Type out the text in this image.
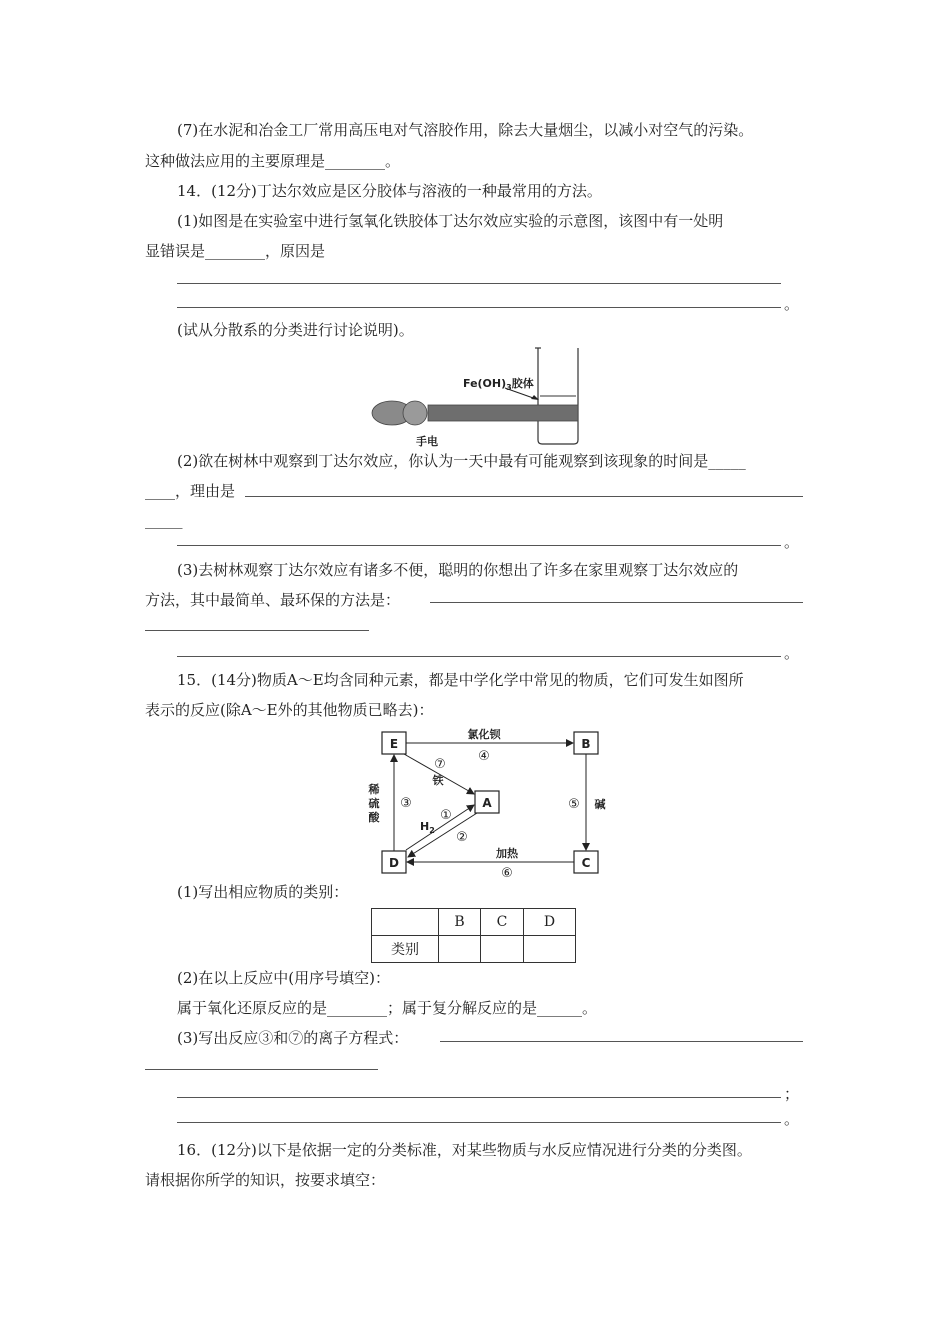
(7)在水泥和冶金工厂常用高压电对气溶胶作用，除去大量烟尘，以减小对空气的污染。
这种做法应用的主要原理是________。
14．(12分)丁达尔效应是区分胶体与溶液的一种最常用的方法。
(1)如图是在实验室中进行氢氧化铁胶体丁达尔效应实验的示意图，该图中有一处明
显错误是________，原因是
。
(试从分散系的分类进行讨论说明)。
$Fe(OH)_3$胶体
手电
(2)欲在树林中观察到丁达尔效应，你认为一天中最有可能观察到该现象的时间是_____
____，理由是
_____
。
(3)去树林观察丁达尔效应有诸多不便，聪明的你想出了许多在家里观察丁达尔效应的
方法，其中最简单、最环保的方法是：
。
15．(14分)物质A～E均含同种元素，都是中学化学中常见的物质，它们可发生如图所
表示的反应(除A～E外的其他物质已略去)：
E	B
A
D	C
氯化钡
④
⑦
铁
稀
硫
酸
③
①
$H_2$ ②
⑤ 碱
加热
⑥
(1)写出相应物质的类别：
	B	C	D
类别			
(2)在以上反应中(用序号填空)：
属于氧化还原反应的是________；属于复分解反应的是______。
(3)写出反应③和⑦的离子方程式：
；
。
16．(12分)以下是依据一定的分类标准，对某些物质与水反应情况进行分类的分类图。
请根据你所学的知识，按要求填空：
